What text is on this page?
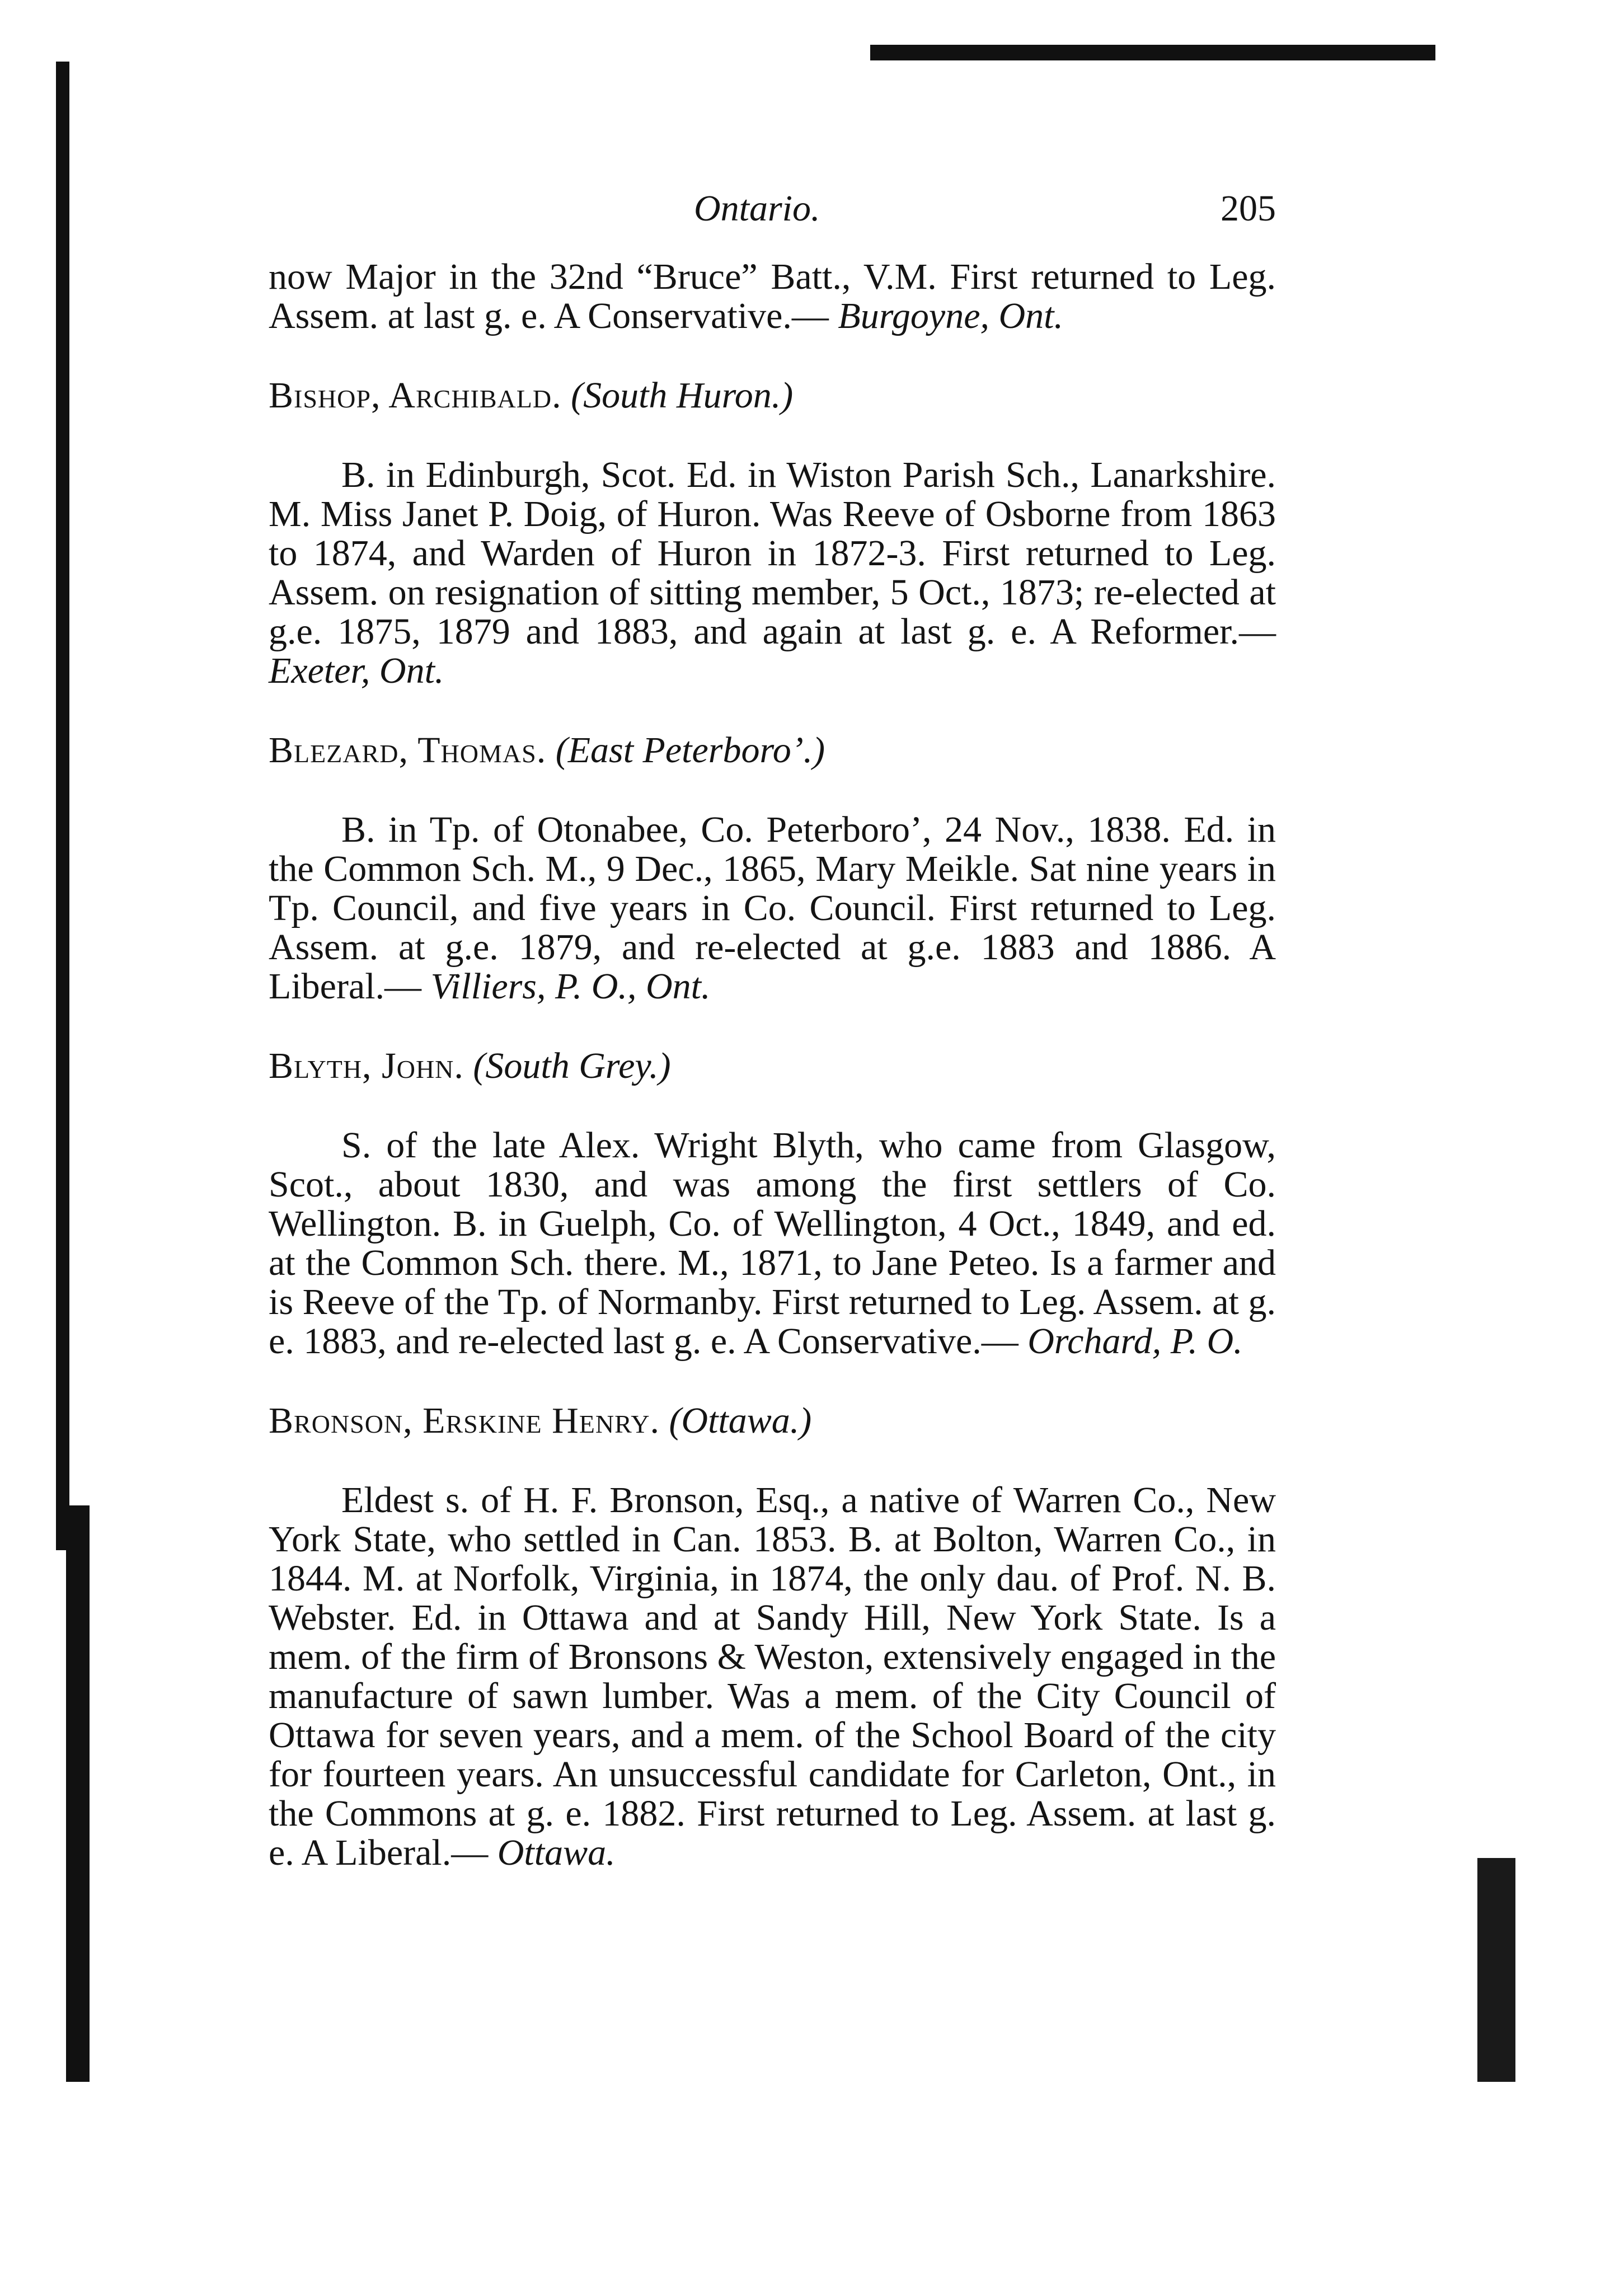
Ontario.	205

now Major in the 32nd “Bruce” Batt., V.M. First returned to Leg. Assem. at last g. e. A Conservative.— Burgoyne, Ont.

Bishop, Archibald. (South Huron.)

B. in Edinburgh, Scot. Ed. in Wiston Parish Sch., Lanarkshire. M. Miss Janet P. Doig, of Huron. Was Reeve of Osborne from 1863 to 1874, and Warden of Huron in 1872-3. First returned to Leg. Assem. on resignation of sitting member, 5 Oct., 1873; re-elected at g.e. 1875, 1879 and 1883, and again at last g. e. A Reformer.— Exeter, Ont.

Blezard, Thomas. (East Peterboro’.)

B. in Tp. of Otonabee, Co. Peterboro’, 24 Nov., 1838. Ed. in the Common Sch. M., 9 Dec., 1865, Mary Meikle. Sat nine years in Tp. Council, and five years in Co. Council. First returned to Leg. Assem. at g.e. 1879, and re-elected at g.e. 1883 and 1886. A Liberal.— Villiers, P. O., Ont.

Blyth, John. (South Grey.)

S. of the late Alex. Wright Blyth, who came from Glasgow, Scot., about 1830, and was among the first settlers of Co. Wellington. B. in Guelph, Co. of Wellington, 4 Oct., 1849, and ed. at the Common Sch. there. M., 1871, to Jane Peteo. Is a farmer and is Reeve of the Tp. of Normanby. First returned to Leg. Assem. at g. e. 1883, and re-elected last g. e. A Conservative.— Orchard, P. O.

Bronson, Erskine Henry. (Ottawa.)

Eldest s. of H. F. Bronson, Esq., a native of Warren Co., New York State, who settled in Can. 1853. B. at Bolton, Warren Co., in 1844. M. at Norfolk, Virginia, in 1874, the only dau. of Prof. N. B. Webster. Ed. in Ottawa and at Sandy Hill, New York State. Is a mem. of the firm of Bronsons & Weston, extensively engaged in the manufacture of sawn lumber. Was a mem. of the City Council of Ottawa for seven years, and a mem. of the School Board of the city for fourteen years. An unsuccessful candidate for Carleton, Ont., in the Commons at g. e. 1882. First returned to Leg. Assem. at last g. e. A Liberal.— Ottawa.
